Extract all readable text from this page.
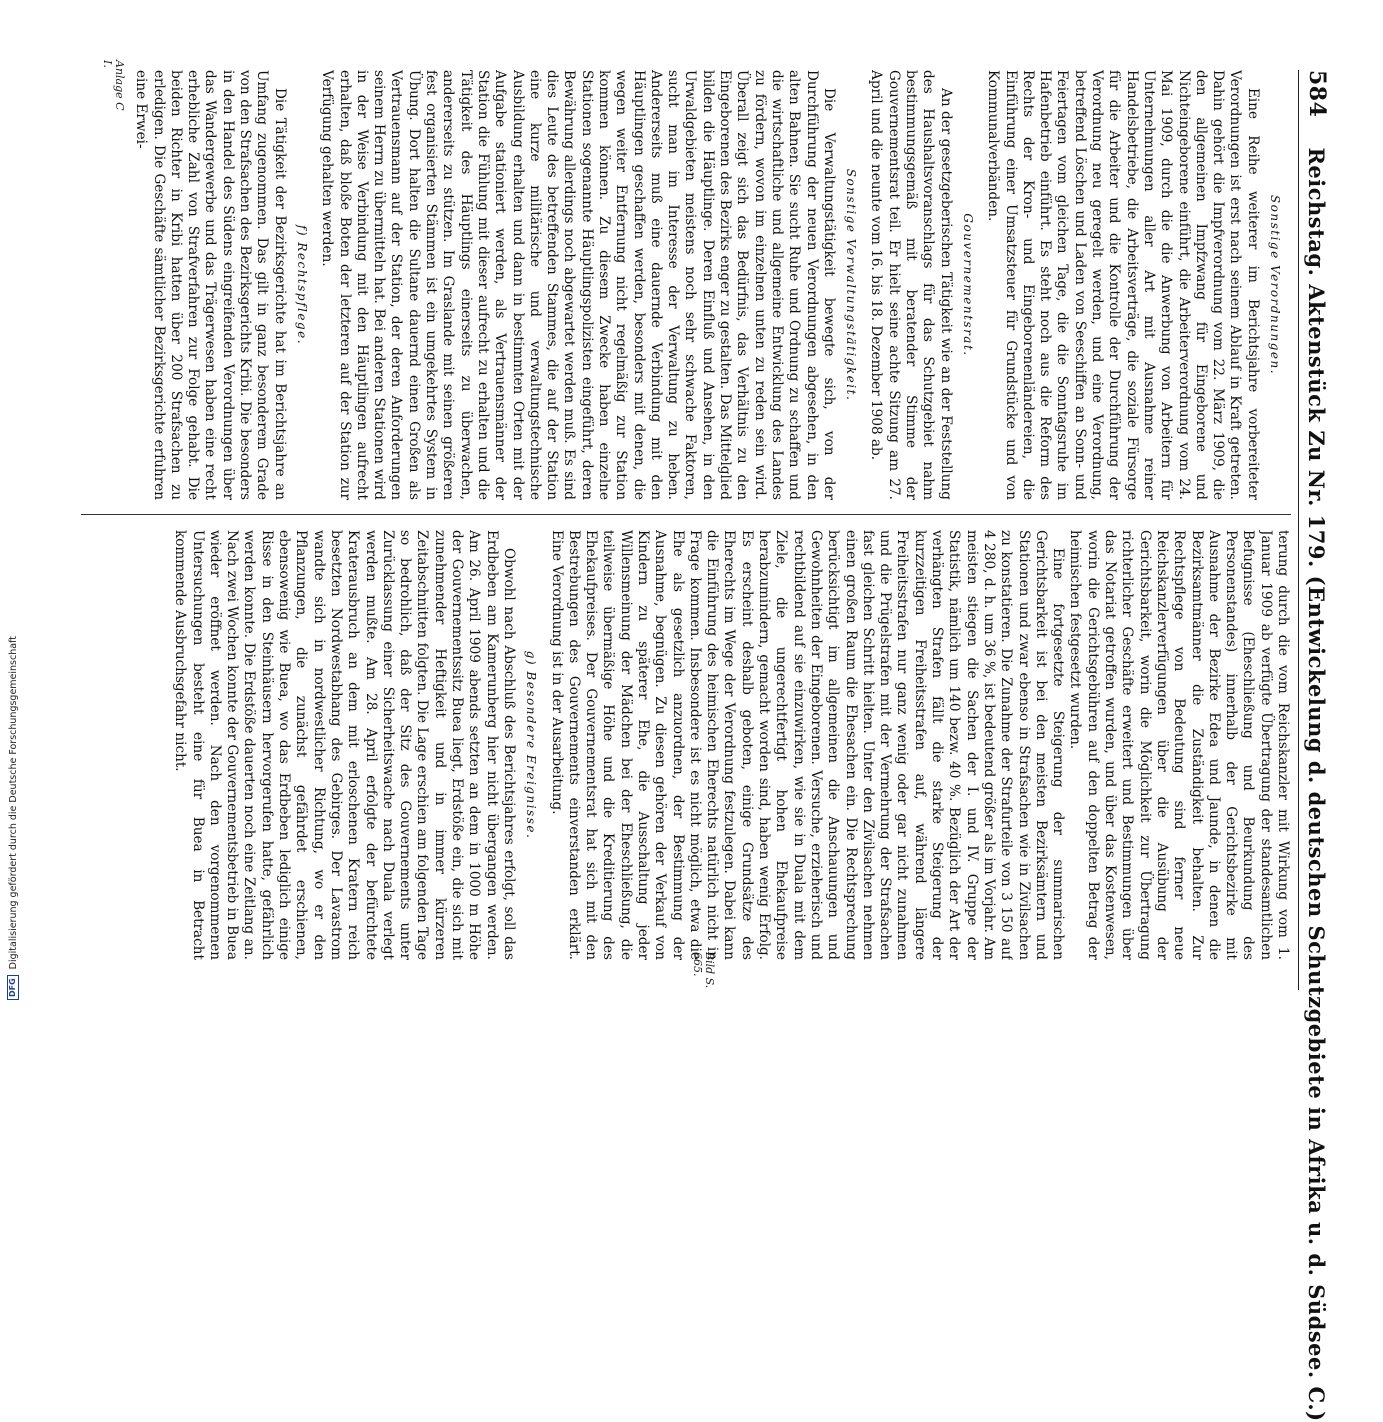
584
Reichstag. Aktenstück Zu Nr. 179. (Entwickelung d. deutschen Schutzgebiete in Afrika u. d. Südsee. C.)
Sonstige Verordnungen.

Eine Reihe weiterer im Berichtsjahre vorbereiteter Verordnungen ist erst nach seinem Ablauf in Kraft getreten. Dahin gehört die Impfverordnung vom 22. März 1909, die den allgemeinen Impfzwang für Eingeborene und Nichteingeborene einführt, die Arbeiterverordnung vom 24. Mai 1909, durch die die Anwerbung von Arbeitern für Unternehmungen aller Art mit Ausnahme reiner Handelsbetriebe, die Arbeitsverträge, die soziale Fürsorge für die Arbeiter und die Kontrolle der Durchführung der Verordnung neu geregelt werden, und eine Verordnung, betreffend Löschen und Laden von Seeschiffen an Sonn- und Feiertagen vom gleichen Tage, die die Sonntagsruhe im Hafenbetrieb einführt. Es steht noch aus die Reform des Rechts der Kron- und Eingeborenenländereien, die Einführung einer Umsatzsteuer für Grundstücke und von Kommunalverbänden.

Gouvernementsrat.

An der gesetzgeberischen Tätigkeit wie an der Feststellung des Haushaltsvoranschlags für das Schutzgebiet nahm bestimmungsgemäß mit beratender Stimme der Gouvernementsrat teil. Er hielt seine achte Sitzung am 27. April und die neunte vom 16. bis 18. Dezember 1908 ab.

Sonstige Verwaltungstätigkeit.

Die Verwaltungstätigkeit bewegte sich, von der Durchführung der neuen Verordnungen abgesehen, in den alten Bahnen. Sie sucht Ruhe und Ordnung zu schaffen und die wirtschaftliche und allgemeine Entwicklung des Landes zu fördern, wovon im einzelnen unten zu reden sein wird. Überall zeigt sich das Bedürfnis, das Verhältnis zu den Eingeborenen des Bezirks enger zu gestalten. Das Mittelglied bilden die Häuptlinge. Deren Einfluß und Ansehen, in den Urwaldgebieten meistens noch sehr schwache Faktoren, sucht man im Interesse der Verwaltung zu heben. Andererseits muß eine dauernde Verbindung mit den Häuptlingen geschaffen werden, besonders mit denen, die wegen weiter Entfernung nicht regelmäßig zur Station kommen können. Zu diesem Zwecke haben einzelne Stationen sogenannte Häuptlingspolizisten eingeführt, deren Bewährung allerdings noch abgewartet werden muß. Es sind dies Leute des betreffenden Stammes, die auf der Station eine kurze militärische und verwaltungstechnische Ausbildung erhalten und dann in bestimmten Orten mit der Aufgabe stationiert werden, als Vertrauensmänner der Station die Fühlung mit dieser aufrecht zu erhalten und die Tätigkeit des Häuptlings einerseits zu überwachen, andererseits zu stützen. Im Graslande mit seinen größeren fest organisierten Stämmen ist ein umgekehrtes System in Übung. Dort halten die Sultane dauernd einen Großen als Vertrauensmann auf der Station, der deren Anforderungen seinem Herrn zu übermitteln hat. Bei anderen Stationen wird in der Weise Verbindung mit den Häuptlingen aufrecht erhalten, daß bloße Boten der letzteren auf der Station zur Verfügung gehalten werden.

f) Rechtspflege.

Die Tätigkeit der Bezirksgerichte hat im Berichtsjahre an Umfang zugenommen. Das gilt in ganz besonderem Grade von den Strafsachen des Bezirksgerichts Kribi. Die besonders in den Handel des Südens eingreifenden Verordnungen über das Wandergewerbe und das Trägerwesen haben eine recht erhebliche Zahl von Strafverfahren zur Folge gehabt. Die beiden Richter in Kribi hatten über 200 Strafsachen zu erledigen. Die Geschäfte sämtlicher Bezirksgerichte erfuhren eine Erwei-

terung durch die vom Reichskanzler mit Wirkung vom 1. Januar 1909 ab verfügte Übertragung der standesamtlichen Befugnisse (Eheschließung und Beurkundung des Personenstandes) innerhalb der Gerichtsbezirke mit Ausnahme der Bezirke Edea und Jaunde, in denen die Bezirksamtmänner die Zuständigkeit behalten. Zur Rechtspflege von Bedeutung sind ferner neue Reichskanzlerverfügungen über die Ausübung der Gerichtsbarkeit, worin die Möglichkeit zur Übertragung richterlicher Geschäfte erweitert und Bestimmungen über das Notariat getroffen wurden, und über das Kostenwesen, worin die Gerichtsgebühren auf den doppelten Betrag der heimischen festgesetzt wurden.

Eine fortgesetzte Steigerung der summarischen Gerichtsbarkeit ist bei den meisten Bezirksämtern und Stationen und zwar ebenso in Strafsachen wie in Zivilsachen zu konstatieren. Die Zunahme der Strafurteile von 3 150 auf 4 280, d. h. um 36 %, ist bedeutend größer als im Vorjahr. Am meisten stiegen die Sachen der I. und IV. Gruppe der Statistik, nämlich um 140 bezw. 40 %. Bezüglich der Art der verhängten Strafen fällt die starke Steigerung der kurzzeitigen Freiheitsstrafen auf, während längere Freiheitsstrafen nur ganz wenig oder gar nicht zunahmen und die Prügelstrafen mit der Vermehrung der Strafsachen fast gleichen Schritt hielten. Unter den Zivilsachen nehmen einen großen Raum die Ehesachen ein. Die Rechtsprechung berücksichtigt im allgemeinen die Anschauungen und Gewohnheiten der Eingeborenen. Versuche, erzieherisch und rechtbildend auf sie einzuwirken, wie sie in Duala mit dem Ziele, die ungerechtfertigt hohen Ehekaufpreise herabzumindern, gemacht worden sind, haben wenig Erfolg. Es erscheint deshalb geboten, einige Grundsätze des Eherechts im Wege der Verordnung festzulegen. Dabei kann die Einführung des heimischen Eherechts natürlich nicht in Frage kommen. Insbesondere ist es nicht möglich, etwa die Ehe als gesetzlich anzuordnen, der Bestimmung der Ausnahme, begnügen. Zu diesen gehören der Verkauf von Kindern zu späterer Ehe, die Ausschaltung jeder Willensmeinung der Mädchen bei der Eheschließung, die teilweise übermäßige Höhe und die Kreditierung des Ehekaufpreises. Der Gouvernementsrat hat sich mit den Bestrebungen des Gouvernements einverstanden erklärt. Eine Verordnung ist in der Ausarbeitung.

g) Besondere Ereignisse.

Obwohl nach Abschluß des Berichtsjahres erfolgt, soll das Erdbeben am Kamerunberg hier nicht übergangen werden. Am 26. April 1909 abends setzten an dem in 1000 m Höhe der Gouvernementssitz Buea liegt, Erdstöße ein, die sich mit zunehmender Heftigkeit und in immer kürzeren Zeitabschnitten folgten. Die Lage erschien am folgenden Tage so bedrohlich, daß der Sitz des Gouvernements unter Zurücklassung einer Sicherheitswache nach Duala verlegt werden mußte. Am 28. April erfolgte der befürchtete Kraterausbruch an dem mit erloschenen Kratern reich besetzten Nordwestabhang des Gebirges. Der Lavastrom wandte sich in nordwestlicher Richtung, wo er den Pflanzungen, die zunächst gefährdet erschienen, ebensowenig wie Buea, wo das Erdbeben lediglich einige Risse in den Steinhäusern hervorgerufen hatte, gefährlich werden konnte. Die Erdstöße dauerten noch eine Zeitlang an. Nach zwei Wochen konnte der Gouvernementsbetrieb in Buea wieder eröffnet werden. Nach den vorgenommenen Untersuchungen besteht eine für Buea in Betracht kommende Ausbruchsgefahr nicht.

Anlage C I.
Bild S. 665.
DFG
Digitalisierung gefördert durch die Deutsche Forschungsgemeinschaft
